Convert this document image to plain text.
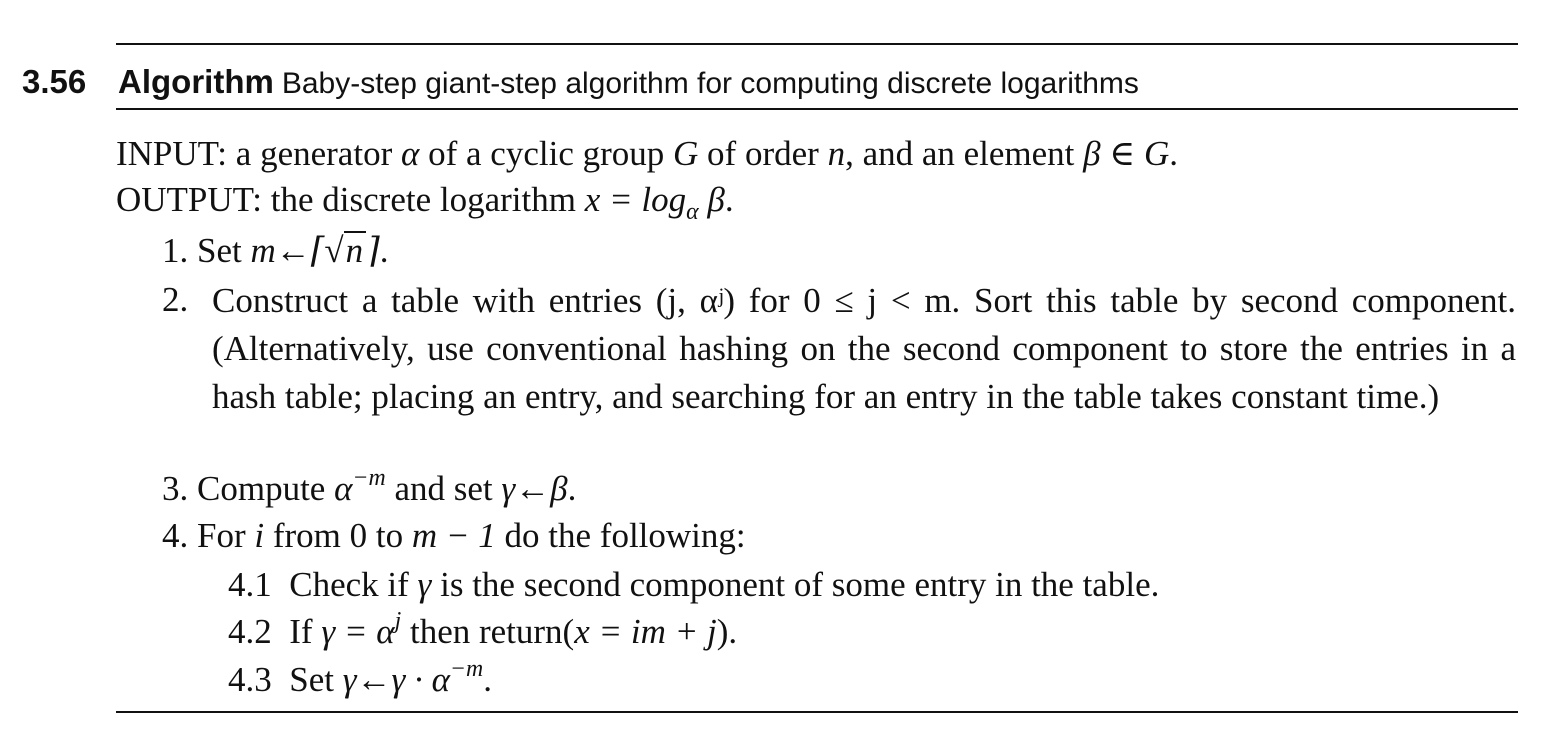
3.56 Algorithm Baby-step giant-step algorithm for computing discrete logarithms
INPUT: a generator α of a cyclic group G of order n, and an element β ∈ G.
OUTPUT: the discrete logarithm $x = \log_\alpha \beta$.
1. Set m←⌈√n⌉.
2. Construct a table with entries (j, αʲ) for 0 ≤ j < m. Sort this table by second component. (Alternatively, use conventional hashing on the second component to store the entries in a hash table; placing an entry, and searching for an entry in the table takes constant time.)
3. Compute $\alpha^{-m}$ and set γ←β.
4. For i from 0 to m − 1 do the following:
4.1 Check if γ is the second component of some entry in the table.
4.2 If $\gamma = \alpha^j$ then return(x = im + j).
4.3 Set γ←γ · $\alpha^{-m}$.
